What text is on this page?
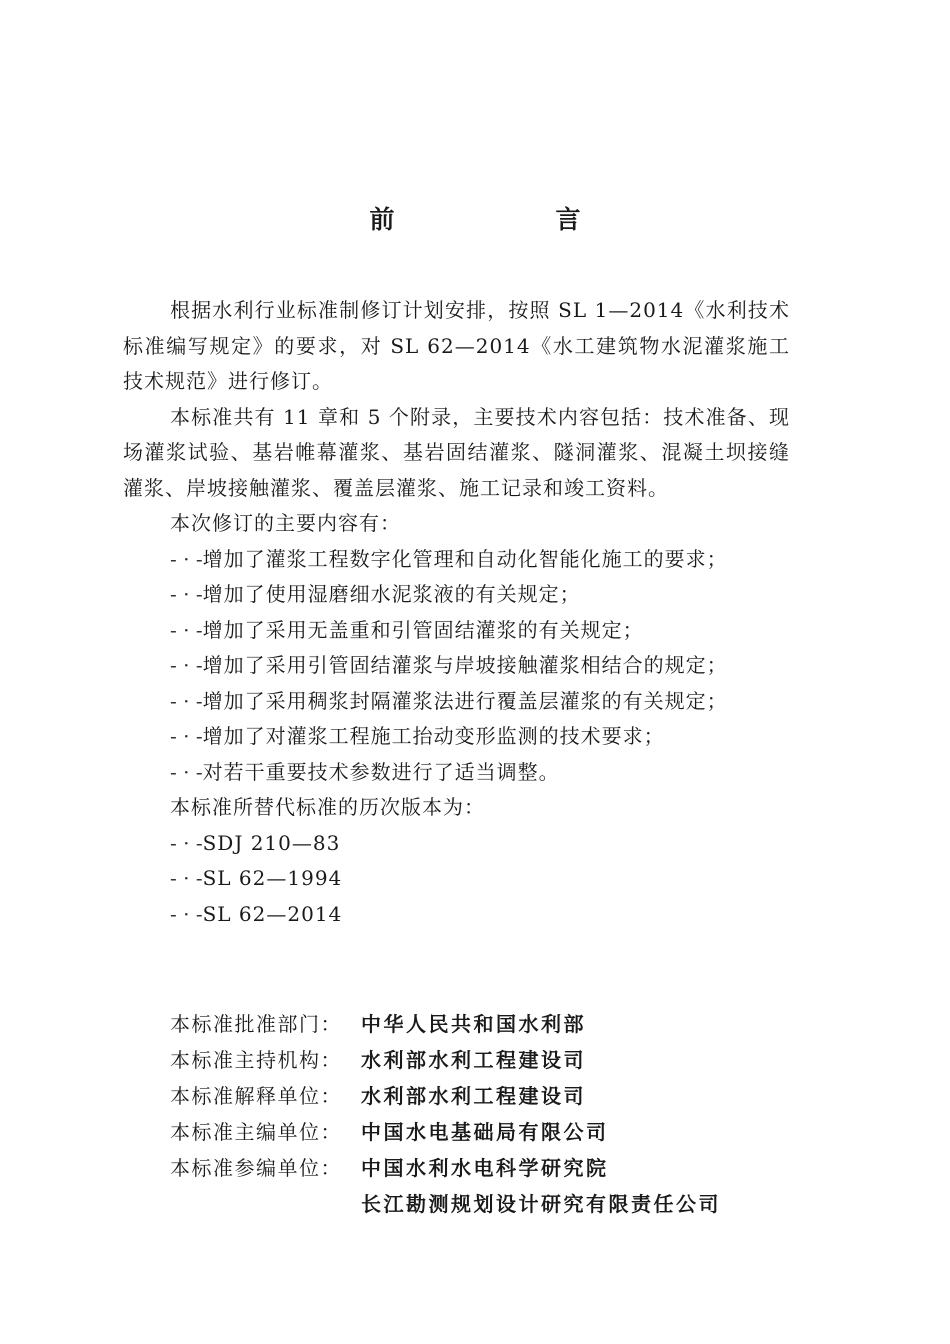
前　言

根据水利行业标准制修订计划安排，按照 SL 1—2014《水利技术标准编写规定》的要求，对 SL 62—2014《水工建筑物水泥灌浆施工技术规范》进行修订。

本标准共有 11 章和 5 个附录，主要技术内容包括：技术准备、现场灌浆试验、基岩帷幕灌浆、基岩固结灌浆、隧洞灌浆、混凝土坝接缝灌浆、岸坡接触灌浆、覆盖层灌浆、施工记录和竣工资料。

本次修订的主要内容有：

- · -增加了灌浆工程数字化管理和自动化智能化施工的要求；

- · -增加了使用湿磨细水泥浆液的有关规定；

- · -增加了采用无盖重和引管固结灌浆的有关规定；

- · -增加了采用引管固结灌浆与岸坡接触灌浆相结合的规定；

- · -增加了采用稠浆封隔灌浆法进行覆盖层灌浆的有关规定；

- · -增加了对灌浆工程施工抬动变形监测的技术要求；

- · -对若干重要技术参数进行了适当调整。

本标准所替代标准的历次版本为：

- · -SDJ 210—83

- · -SL 62—1994

- · -SL 62—2014

本标准批准部门： 中华人民共和国水利部
本标准主持机构： 水利部水利工程建设司
本标准解释单位： 水利部水利工程建设司
本标准主编单位： 中国水电基础局有限公司
本标准参编单位： 中国水利水电科学研究院
长江勘测规划设计研究有限责任公司
